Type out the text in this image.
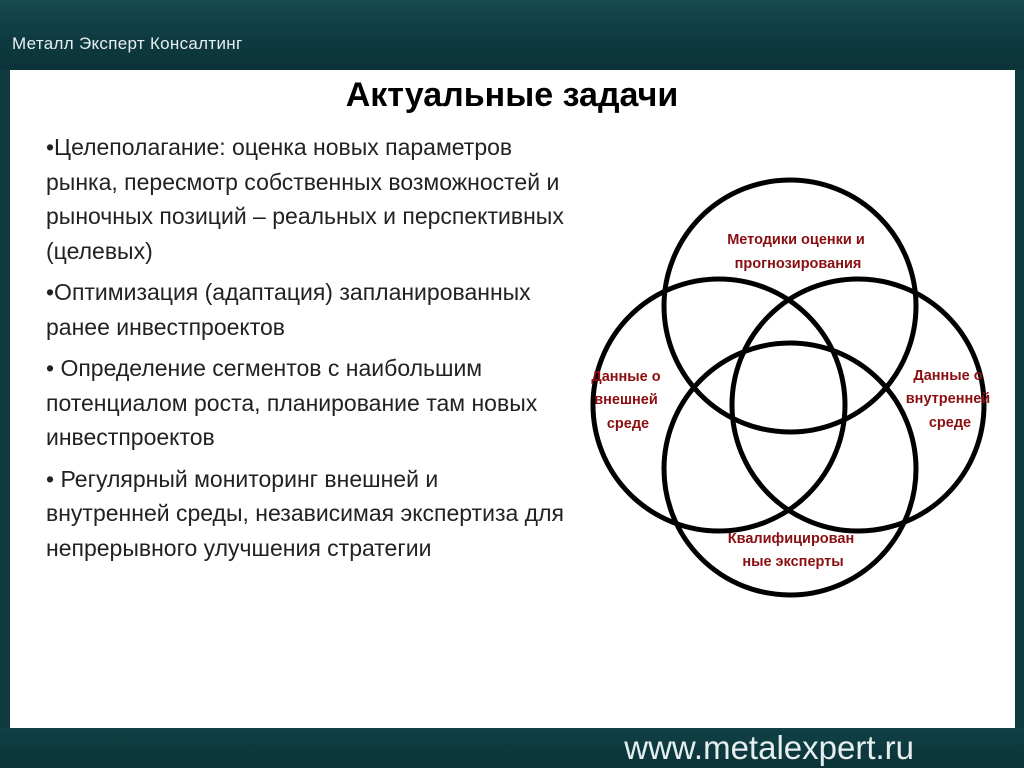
Металл Эксперт Консалтинг
Актуальные задачи
•Целеполагание: оценка новых параметров рынка, пересмотр собственных возможностей и рыночных позиций – реальных и перспективных (целевых)
•Оптимизация (адаптация) запланированных ранее инвестпроектов
• Определение сегментов с наибольшим потенциалом роста, планирование там новых инвестпроектов
• Регулярный мониторинг внешней и внутренней среды, независимая экспертиза для непрерывного улучшения стратегии
Методики оценки и прогнозирования
Данные о внешней среде
Данные о внутренней среде
Квалифицирован ные эксперты
www.metalexpert.ru
